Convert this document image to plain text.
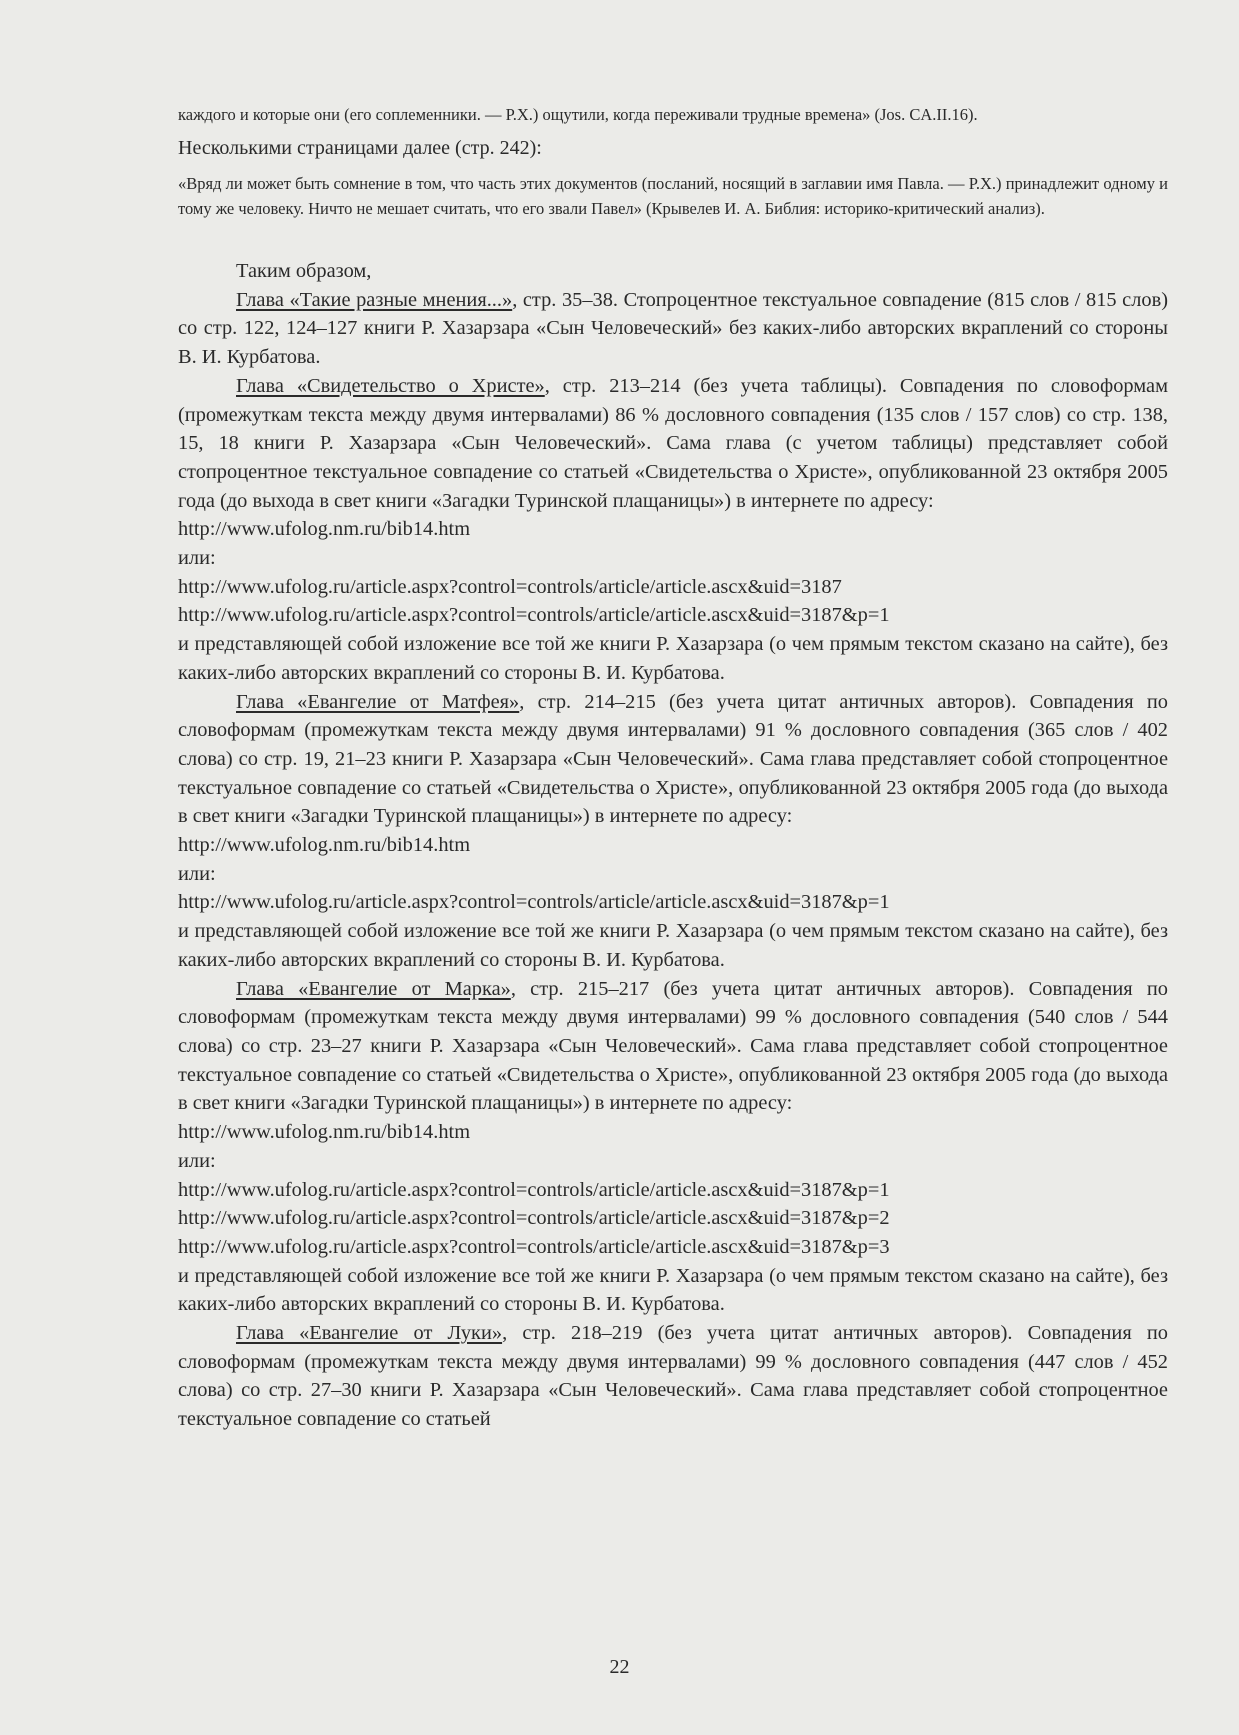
каждого и которые они (его соплеменники. — Р.Х.) ощутили, когда переживали трудные времена» (Jos. CA.II.16).

Несколькими страницами далее (стр. 242):

«Вряд ли может быть сомнение в том, что часть этих документов (посланий, носящий в заглавии имя Павла. — Р.Х.) принадлежит одному и тому же человеку. Ничто не мешает считать, что его звали Павел» (Крывелев И. А. Библия: историко-критический анализ).

Таким образом,

Глава «Такие разные мнения...», стр. 35–38. Стопроцентное текстуальное совпадение (815 слов / 815 слов) со стр. 122, 124–127 книги Р. Хазарзара «Сын Человеческий» без каких-либо авторских вкраплений со стороны В. И. Курбатова.

Глава «Свидетельство о Христе», стр. 213–214 (без учета таблицы). Совпадения по словоформам (промежуткам текста между двумя интервалами) 86 % дословного совпадения (135 слов / 157 слов) со стр. 138, 15, 18 книги Р. Хазарзара «Сын Человеческий». Сама глава (с учетом таблицы) представляет собой стопроцентное текстуальное совпадение со статьей «Свидетельства о Христе», опубликованной 23 октября 2005 года (до выхода в свет книги «Загадки Туринской плащаницы») в интернете по адресу:

http://www.ufolog.nm.ru/bib14.htm

или:

http://www.ufolog.ru/article.aspx?control=controls/article/article.ascx&uid=3187

http://www.ufolog.ru/article.aspx?control=controls/article/article.ascx&uid=3187&p=1

и представляющей собой изложение все той же книги Р. Хазарзара (о чем прямым текстом сказано на сайте), без каких-либо авторских вкраплений со стороны В. И. Курбатова.

Глава «Евангелие от Матфея», стр. 214–215 (без учета цитат античных авторов). Совпадения по словоформам (промежуткам текста между двумя интервалами) 91 % дословного совпадения (365 слов / 402 слова) со стр. 19, 21–23 книги Р. Хазарзара «Сын Человеческий». Сама глава представляет собой стопроцентное текстуальное совпадение со статьей «Свидетельства о Христе», опубликованной 23 октября 2005 года (до выхода в свет книги «Загадки Туринской плащаницы») в интернете по адресу:

http://www.ufolog.nm.ru/bib14.htm

или:

http://www.ufolog.ru/article.aspx?control=controls/article/article.ascx&uid=3187&p=1

и представляющей собой изложение все той же книги Р. Хазарзара (о чем прямым текстом сказано на сайте), без каких-либо авторских вкраплений со стороны В. И. Курбатова.

Глава «Евангелие от Марка», стр. 215–217 (без учета цитат античных авторов). Совпадения по словоформам (промежуткам текста между двумя интервалами) 99 % дословного совпадения (540 слов / 544 слова) со стр. 23–27 книги Р. Хазарзара «Сын Человеческий». Сама глава представляет собой стопроцентное текстуальное совпадение со статьей «Свидетельства о Христе», опубликованной 23 октября 2005 года (до выхода в свет книги «Загадки Туринской плащаницы») в интернете по адресу:

http://www.ufolog.nm.ru/bib14.htm

или:

http://www.ufolog.ru/article.aspx?control=controls/article/article.ascx&uid=3187&p=1

http://www.ufolog.ru/article.aspx?control=controls/article/article.ascx&uid=3187&p=2

http://www.ufolog.ru/article.aspx?control=controls/article/article.ascx&uid=3187&p=3

и представляющей собой изложение все той же книги Р. Хазарзара (о чем прямым текстом сказано на сайте), без каких-либо авторских вкраплений со стороны В. И. Курбатова.

Глава «Евангелие от Луки», стр. 218–219 (без учета цитат античных авторов). Совпадения по словоформам (промежуткам текста между двумя интервалами) 99 % дословного совпадения (447 слов / 452 слова) со стр. 27–30 книги Р. Хазарзара «Сын Человеческий». Сама глава представляет собой стопроцентное текстуальное совпадение со статьей

22
